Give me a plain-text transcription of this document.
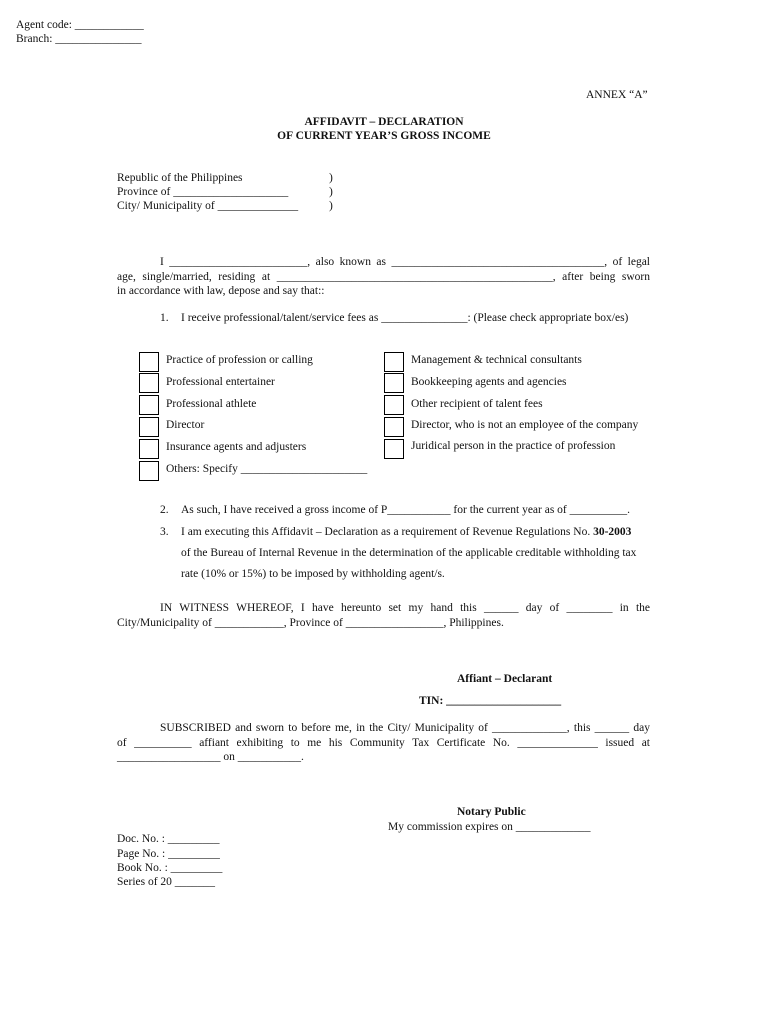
Agent code: ____________
Branch: _______________
ANNEX “A”
AFFIDAVIT – DECLARATION
OF CURRENT YEAR’S GROSS INCOME
Republic of the Philippines
Province of ____________________
City/ Municipality of ______________
)
)
)
I ________________________, also known as _____________________________________, of legal
age, single/married, residing at ________________________________________________, after being sworn
in accordance with law, depose and say that::
1. I receive professional/talent/service fees as _______________: (Please check appropriate box/es)
Practice of profession or calling
Professional entertainer
Professional athlete
Director
Insurance agents and adjusters
Others: Specify ______________________
Management & technical consultants
Bookkeeping agents and agencies
Other recipient of talent fees
Director, who is not an employee of the company
Juridical person in the practice of profession
2. As such, I have received a gross income of P___________ for the current year as of __________.
3. I am executing this Affidavit – Declaration as a requirement of Revenue Regulations No. 30-2003
of the Bureau of Internal Revenue in the determination of the applicable creditable withholding tax
rate (10% or 15%) to be imposed by withholding agent/s.
IN WITNESS WHEREOF, I have hereunto set my hand this ______ day of ________ in the
City/Municipality of ____________, Province of _________________, Philippines.
Affiant – Declarant
TIN: ____________________
SUBSCRIBED and sworn to before me, in the City/ Municipality of _____________, this ______ day
of __________ affiant exhibiting to me his Community Tax Certificate No. ______________ issued at
__________________ on ___________.
Notary Public
My commission expires on _____________
Doc. No. : _________
Page No. : _________
Book No. : _________
Series of 20 _______
